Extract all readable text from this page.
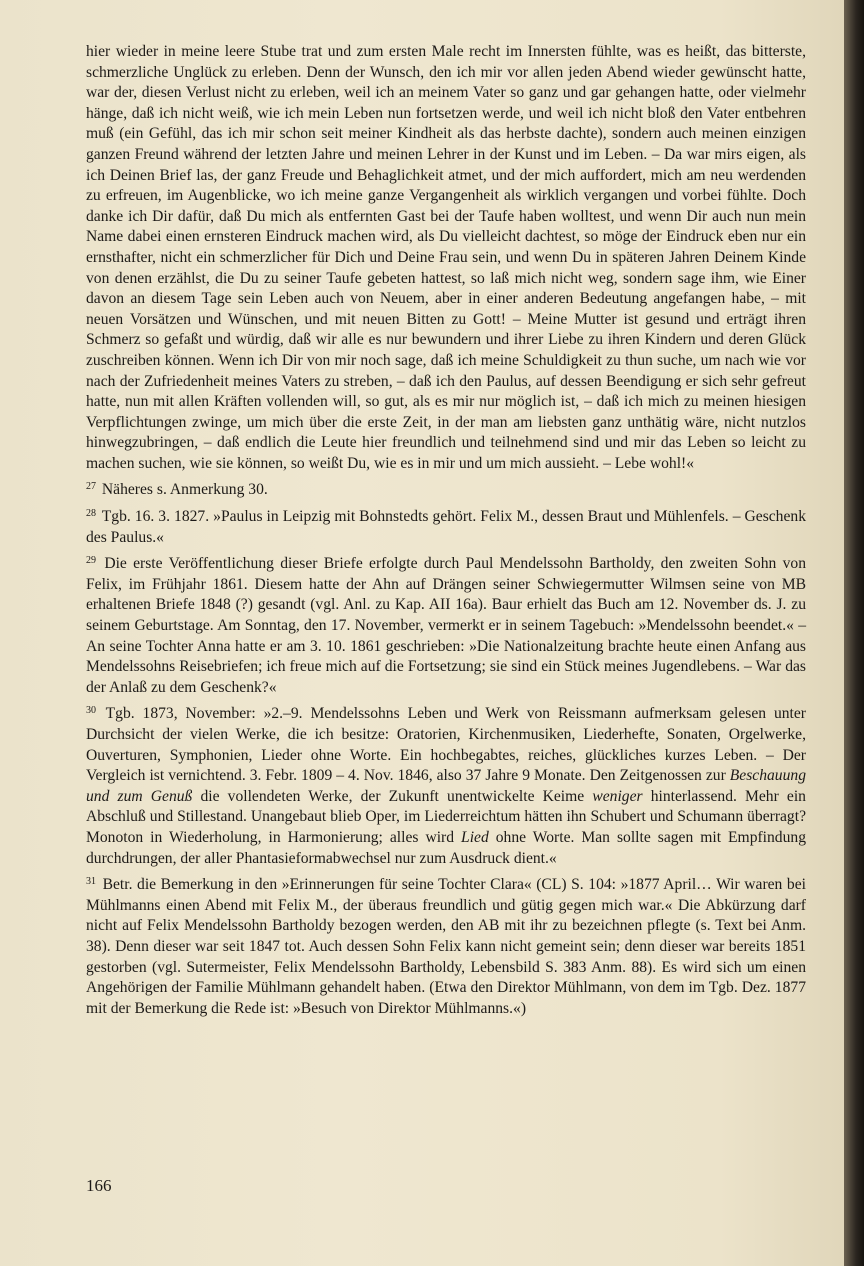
hier wieder in meine leere Stube trat und zum ersten Male recht im Innersten fühlte, was es heißt, das bitterste, schmerzliche Unglück zu erleben. Denn der Wunsch, den ich mir vor allen jeden Abend wieder gewünscht hatte, war der, diesen Verlust nicht zu erleben, weil ich an meinem Vater so ganz und gar gehangen hatte, oder vielmehr hänge, daß ich nicht weiß, wie ich mein Leben nun fortsetzen werde, und weil ich nicht bloß den Vater entbehren muß (ein Gefühl, das ich mir schon seit meiner Kindheit als das herbste dachte), sondern auch meinen einzigen ganzen Freund während der letzten Jahre und meinen Lehrer in der Kunst und im Leben. – Da war mirs eigen, als ich Deinen Brief las, der ganz Freude und Behaglichkeit atmet, und der mich auffordert, mich am neu werdenden zu erfreuen, im Augenblicke, wo ich meine ganze Vergangenheit als wirklich vergangen und vorbei fühlte. Doch danke ich Dir dafür, daß Du mich als entfernten Gast bei der Taufe haben wolltest, und wenn Dir auch nun mein Name dabei einen ernsteren Eindruck machen wird, als Du vielleicht dachtest, so möge der Eindruck eben nur ein ernsthafter, nicht ein schmerzlicher für Dich und Deine Frau sein, und wenn Du in späteren Jahren Deinem Kinde von denen erzählst, die Du zu seiner Taufe gebeten hattest, so laß mich nicht weg, sondern sage ihm, wie Einer davon an diesem Tage sein Leben auch von Neuem, aber in einer anderen Bedeutung angefangen habe, – mit neuen Vorsätzen und Wünschen, und mit neuen Bitten zu Gott! – Meine Mutter ist gesund und erträgt ihren Schmerz so gefaßt und würdig, daß wir alle es nur bewundern und ihrer Liebe zu ihren Kindern und deren Glück zuschreiben können. Wenn ich Dir von mir noch sage, daß ich meine Schuldigkeit zu thun suche, um nach wie vor nach der Zufriedenheit meines Vaters zu streben, – daß ich den Paulus, auf dessen Beendigung er sich sehr gefreut hatte, nun mit allen Kräften vollenden will, so gut, als es mir nur möglich ist, – daß ich mich zu meinen hiesigen Verpflichtungen zwinge, um mich über die erste Zeit, in der man am liebsten ganz unthätig wäre, nicht nutzlos hinwegzubringen, – daß endlich die Leute hier freundlich und teilnehmend sind und mir das Leben so leicht zu machen suchen, wie sie können, so weißt Du, wie es in mir und um mich aussieht. – Lebe wohl!«

$^{27}$ Näheres s. Anmerkung 30.

$^{28}$ Tgb. 16. 3. 1827. »Paulus in Leipzig mit Bohnstedts gehört. Felix M., dessen Braut und Mühlenfels. – Geschenk des Paulus.«

$^{29}$ Die erste Veröffentlichung dieser Briefe erfolgte durch Paul Mendelssohn Bartholdy, den zweiten Sohn von Felix, im Frühjahr 1861. Diesem hatte der Ahn auf Drängen seiner Schwiegermutter Wilmsen seine von MB erhaltenen Briefe 1848 (?) gesandt (vgl. Anl. zu Kap. AII 16a). Baur erhielt das Buch am 12. November ds. J. zu seinem Geburtstage. Am Sonntag, den 17. November, vermerkt er in seinem Tagebuch: »Mendelssohn beendet.« – An seine Tochter Anna hatte er am 3. 10. 1861 geschrieben: »Die Nationalzeitung brachte heute einen Anfang aus Mendelssohns Reisebriefen; ich freue mich auf die Fortsetzung; sie sind ein Stück meines Jugendlebens. – War das der Anlaß zu dem Geschenk?«

$^{30}$ Tgb. 1873, November: »2.–9. Mendelssohns Leben und Werk von Reissmann aufmerksam gelesen unter Durchsicht der vielen Werke, die ich besitze: Oratorien, Kirchenmusiken, Liederhefte, Sonaten, Orgelwerke, Ouverturen, Symphonien, Lieder ohne Worte. Ein hochbegabtes, reiches, glückliches kurzes Leben. – Der Vergleich ist vernichtend. 3. Febr. 1809 – 4. Nov. 1846, also 37 Jahre 9 Monate. Den Zeitgenossen zur Beschauung und zum Genuß die vollendeten Werke, der Zukunft unentwickelte Keime weniger hinterlassend. Mehr ein Abschluß und Stillestand. Unangebaut blieb Oper, im Liederreichtum hätten ihn Schubert und Schumann überragt? Monoton in Wiederholung, in Harmonierung; alles wird Lied ohne Worte. Man sollte sagen mit Empfindung durchdrungen, der aller Phantasieformabwechsel nur zum Ausdruck dient.«

$^{31}$ Betr. die Bemerkung in den »Erinnerungen für seine Tochter Clara« (CL) S. 104: »1877 April… Wir waren bei Mühlmanns einen Abend mit Felix M., der überaus freundlich und gütig gegen mich war.« Die Abkürzung darf nicht auf Felix Mendelssohn Bartholdy bezogen werden, den AB mit ihr zu bezeichnen pflegte (s. Text bei Anm. 38). Denn dieser war seit 1847 tot. Auch dessen Sohn Felix kann nicht gemeint sein; denn dieser war bereits 1851 gestorben (vgl. Sutermeister, Felix Mendelssohn Bartholdy, Lebensbild S. 383 Anm. 88). Es wird sich um einen Angehörigen der Familie Mühlmann gehandelt haben. (Etwa den Direktor Mühlmann, von dem im Tgb. Dez. 1877 mit der Bemerkung die Rede ist: »Besuch von Direktor Mühlmanns.«)

166
